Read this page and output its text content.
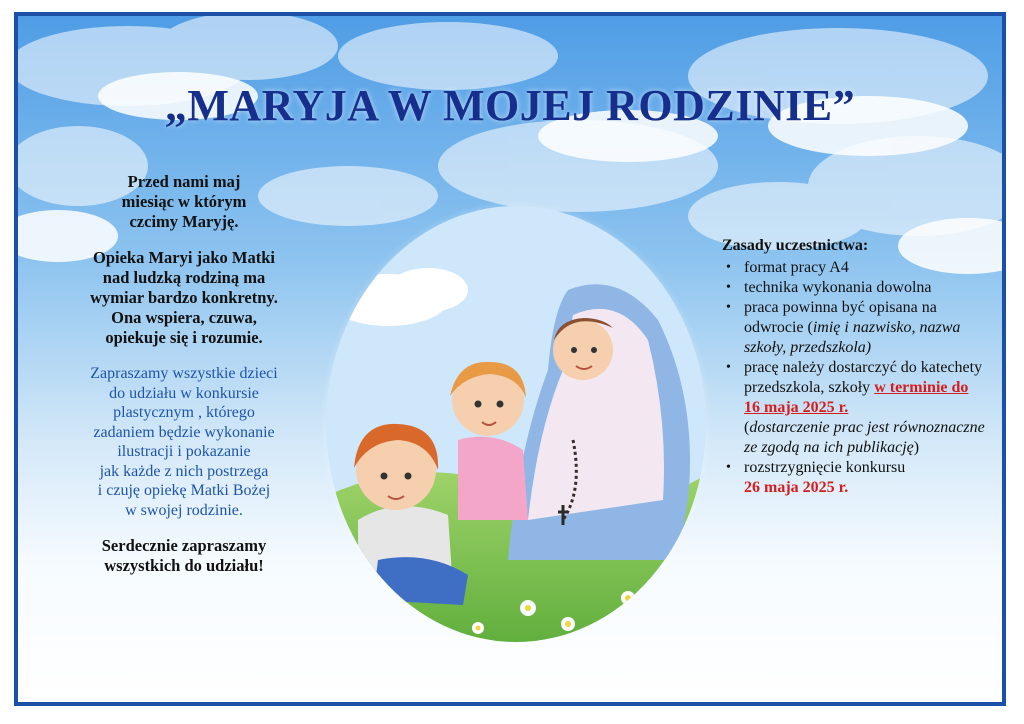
„MARYJA W MOJEJ RODZINIE”

Przed nami maj

miesiąc w którym

czcimy Maryję.

Opieka Maryi jako Matki

nad ludzką rodziną ma

wymiar bardzo konkretny.

Ona wspiera, czuwa,

opiekuje się i rozumie.

Zapraszamy wszystkie dzieci

do udziału w konkursie

plastycznym , którego

zadaniem będzie wykonanie

ilustracji i pokazanie

jak każde z nich postrzega

i czuję opiekę Matki Bożej

w swojej rodzinie.

Serdecznie zapraszamy

wszystkich do udziału!

Zasady uczestnictwa:

• format pracy A4
• technika wykonania dowolna
• praca powinna być opisana na odwrocie (imię i nazwisko, nazwa szkoły, przedszkola)
• pracę należy dostarczyć do katechety przedszkola, szkoły w terminie do
16 maja 2025 r.
(dostarczenie prac jest równoznaczne ze zgodą na ich publikację)
• rozstrzygnięcie konkursu
26 maja 2025 r.
